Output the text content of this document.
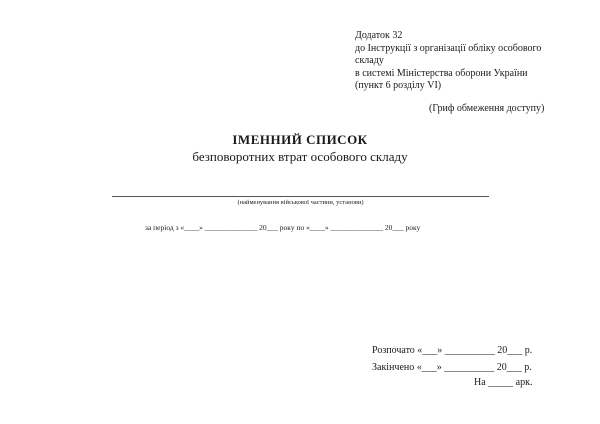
Додаток 32
до Інструкції з організації обліку особового
складу
в системі Міністерства оборони України
(пункт 6 розділу VI)
(Гриф обмеження доступу)
ІМЕННИЙ СПИСОК
безповоротних втрат особового складу
(найменування військової частини, установи)
за період з «____» ______________ 20___ року по «____» ______________ 20___ року
Розпочато «___» __________ 20___ р.
Закінчено «___» __________ 20___ р.
На _____ арк.
